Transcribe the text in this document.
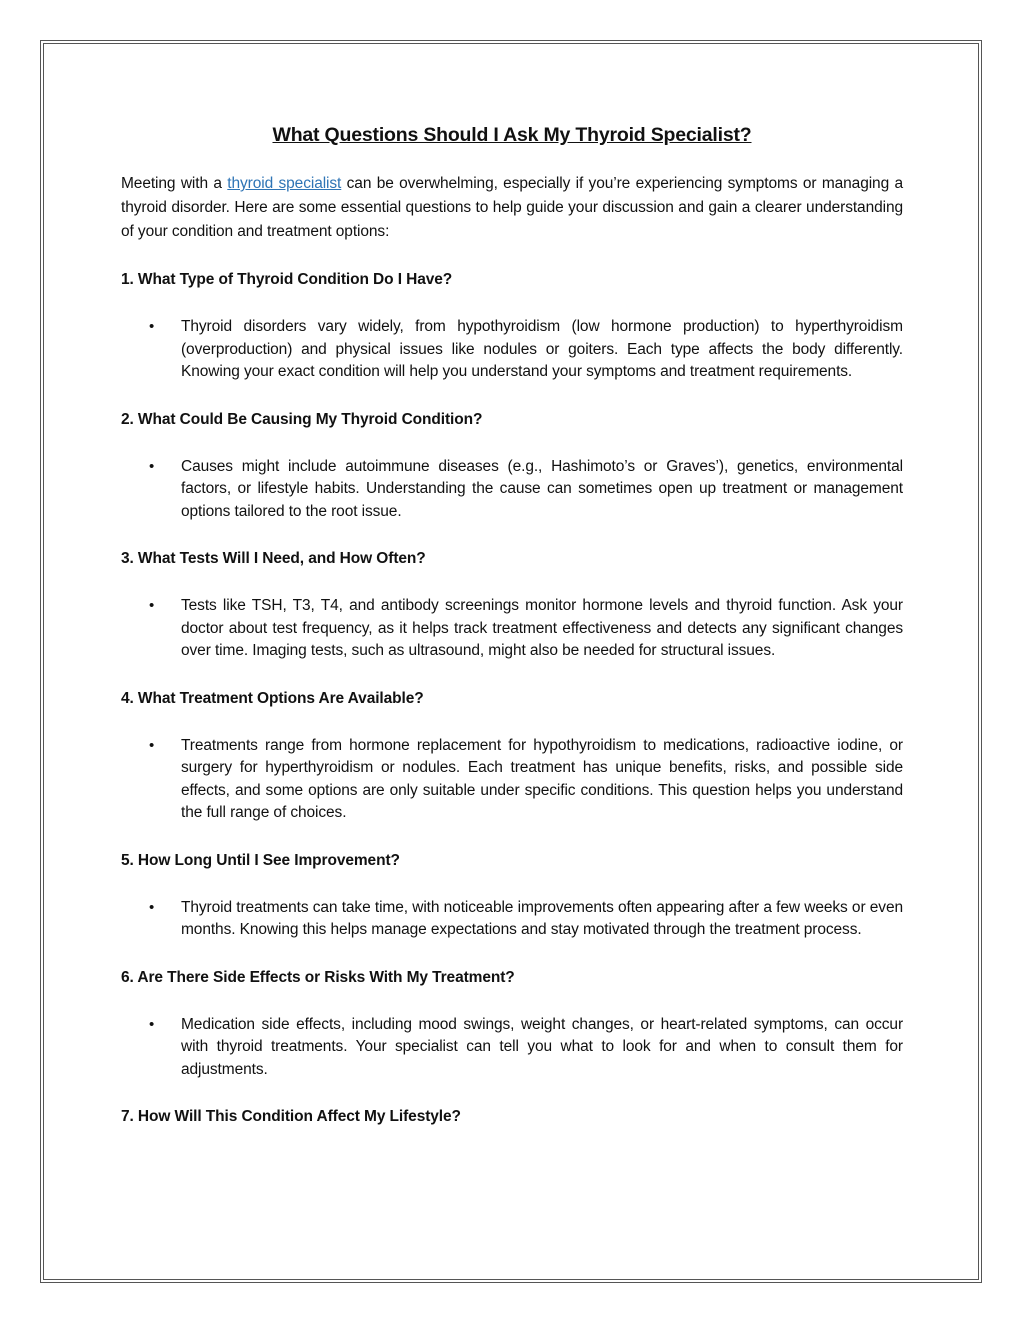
What Questions Should I Ask My Thyroid Specialist?

Meeting with a thyroid specialist can be overwhelming, especially if you’re experiencing symptoms or managing a thyroid disorder. Here are some essential questions to help guide your discussion and gain a clearer understanding of your condition and treatment options:

1. What Type of Thyroid Condition Do I Have?
• Thyroid disorders vary widely, from hypothyroidism (low hormone production) to hyperthyroidism (overproduction) and physical issues like nodules or goiters. Each type affects the body differently. Knowing your exact condition will help you understand your symptoms and treatment requirements.
2. What Could Be Causing My Thyroid Condition?
• Causes might include autoimmune diseases (e.g., Hashimoto’s or Graves’), genetics, environmental factors, or lifestyle habits. Understanding the cause can sometimes open up treatment or management options tailored to the root issue.
3. What Tests Will I Need, and How Often?
• Tests like TSH, T3, T4, and antibody screenings monitor hormone levels and thyroid function. Ask your doctor about test frequency, as it helps track treatment effectiveness and detects any significant changes over time. Imaging tests, such as ultrasound, might also be needed for structural issues.
4. What Treatment Options Are Available?
• Treatments range from hormone replacement for hypothyroidism to medications, radioactive iodine, or surgery for hyperthyroidism or nodules. Each treatment has unique benefits, risks, and possible side effects, and some options are only suitable under specific conditions. This question helps you understand the full range of choices.
5. How Long Until I See Improvement?
• Thyroid treatments can take time, with noticeable improvements often appearing after a few weeks or even months. Knowing this helps manage expectations and stay motivated through the treatment process.
6. Are There Side Effects or Risks With My Treatment?
• Medication side effects, including mood swings, weight changes, or heart-related symptoms, can occur with thyroid treatments. Your specialist can tell you what to look for and when to consult them for adjustments.
7. How Will This Condition Affect My Lifestyle?
